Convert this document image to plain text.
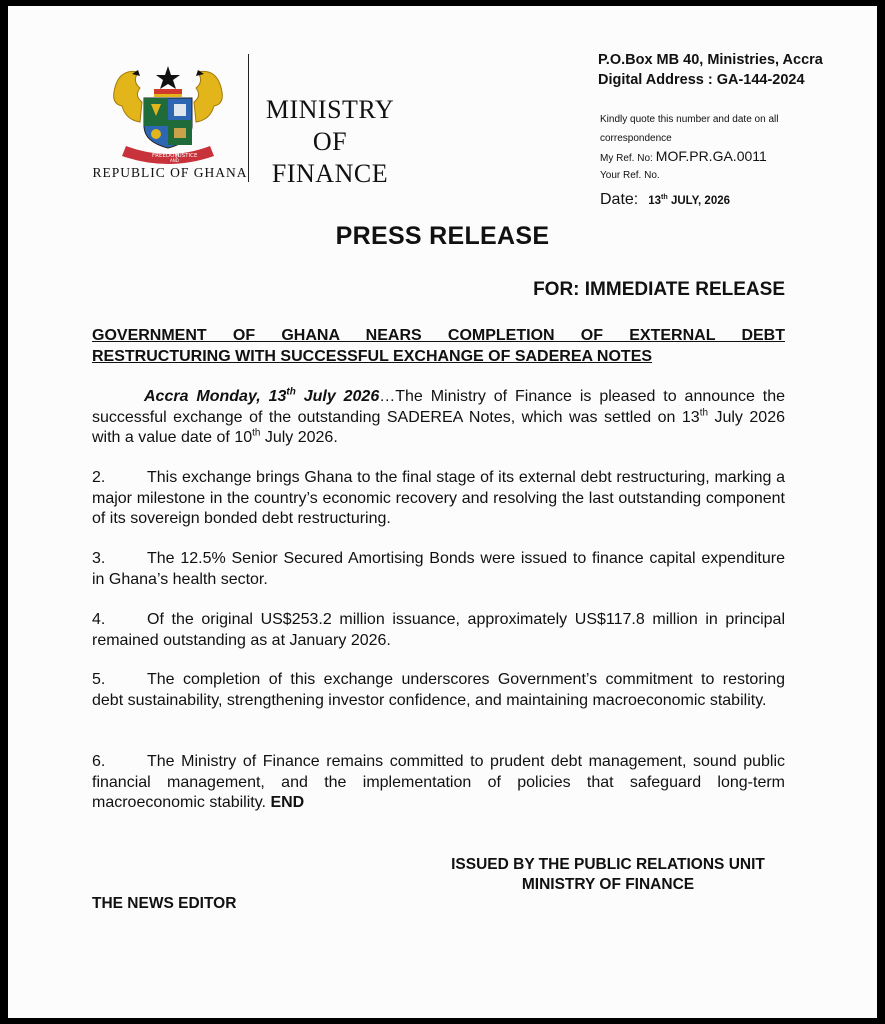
FREEDOM
AND
JUSTICE
REPUBLIC OF GHANA
MINISTRY
OF
FINANCE
P.O.Box MB 40, Ministries, Accra
Digital Address : GA-144-2024
Kindly quote this number and date on all correspondence
My Ref. No: MOF.PR.GA.0011
Your Ref. No.
Date: 13th JULY, 2026
PRESS RELEASE
FOR: IMMEDIATE RELEASE
GOVERNMENT OF GHANA NEARS COMPLETION OF EXTERNAL DEBT
RESTRUCTURING WITH SUCCESSFUL EXCHANGE OF SADEREA NOTES
Accra Monday, 13th July 2026…The Ministry of Finance is pleased to announce the successful exchange of the outstanding SADEREA Notes, which was settled on 13th July 2026 with a value date of 10th July 2026.
2.	This exchange brings Ghana to the final stage of its external debt restructuring, marking a major milestone in the country’s economic recovery and resolving the last outstanding component of its sovereign bonded debt restructuring.
3.	The 12.5% Senior Secured Amortising Bonds were issued to finance capital expenditure in Ghana’s health sector.
4.	Of the original US$253.2 million issuance, approximately US$117.8 million in principal remained outstanding as at January 2026.
5.	The completion of this exchange underscores Government’s commitment to restoring debt sustainability, strengthening investor confidence, and maintaining macroeconomic stability.
6.	The Ministry of Finance remains committed to prudent debt management, sound public financial management, and the implementation of policies that safeguard long-term macroeconomic stability. END
ISSUED BY THE PUBLIC RELATIONS UNIT
MINISTRY OF FINANCE
THE NEWS EDITOR
